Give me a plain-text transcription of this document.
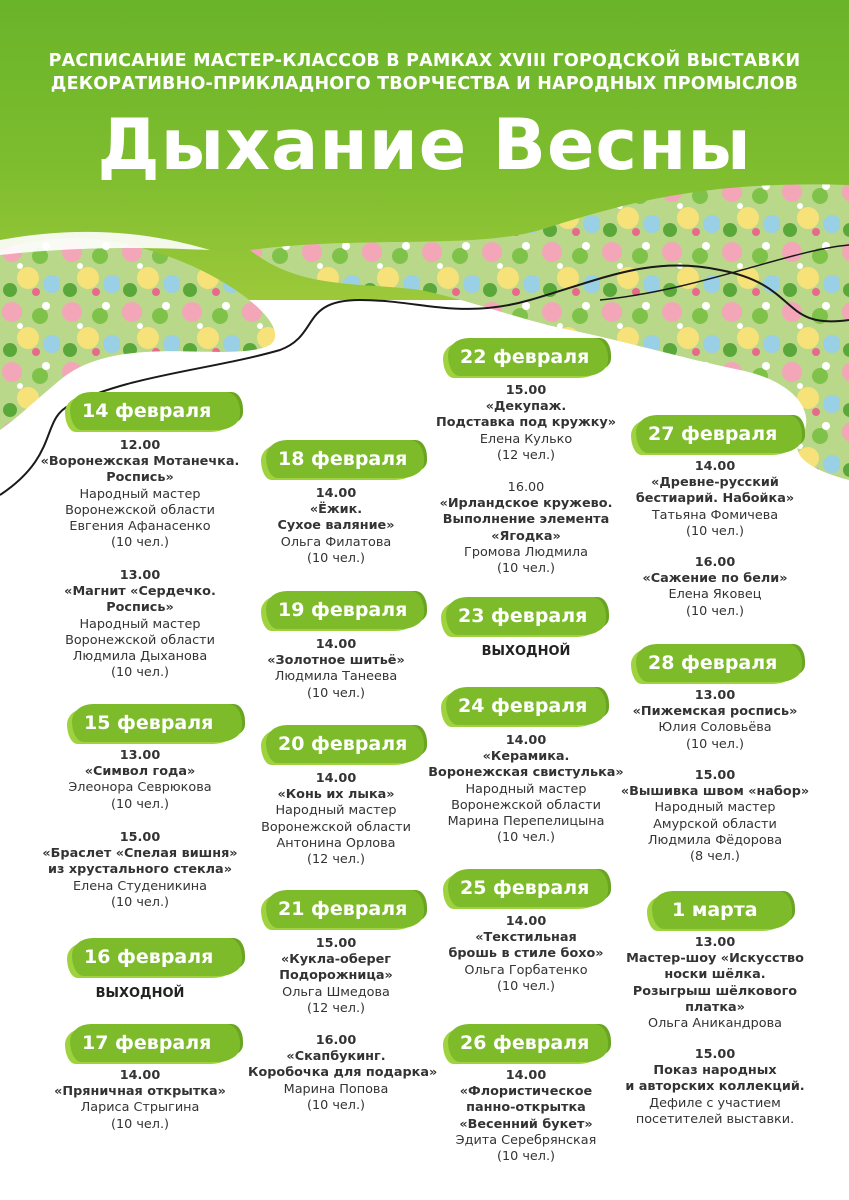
РАСПИСАНИЕ МАСТЕР-КЛАССОВ В РАМКАХ XVIII ГОРОДСКОЙ ВЫСТАВКИ
ДЕКОРАТИВНО-ПРИКЛАДНОГО ТВОРЧЕСТВА И НАРОДНЫХ ПРОМЫСЛОВ
Дыхание Весны
14 февраля
12.00
«Воронежская Мотанечка.
Роспись»
Народный мастер
Воронежской области
Евгения Афанасенко
(10 чел.)
13.00
«Магнит «Сердечко.
Роспись»
Народный мастер
Воронежской области
Людмила Дыханова
(10 чел.)
15 февраля
13.00
«Символ года»
Элеонора Севрюкова
(10 чел.)
15.00
«Браслет «Спелая вишня»
из хрустального стекла»
Елена Студеникина
(10 чел.)
16 февраля
ВЫХОДНОЙ
17 февраля
14.00
«Пряничная открытка»
Лариса Стрыгина
(10 чел.)
18 февраля
14.00
«Ёжик.
Сухое валяние»
Ольга Филатова
(10 чел.)
19 февраля
14.00
«Золотное шитьё»
Людмила Танеева
(10 чел.)
20 февраля
14.00
«Конь их лыка»
Народный мастер
Воронежской области
Антонина Орлова
(12 чел.)
21 февраля
15.00
«Кукла-оберег
Подорожница»
Ольга Шмедова
(12 чел.)
16.00
«Скапбукинг.
Коробочка для подарка»
Марина Попова
(10 чел.)
22 февраля
15.00
«Декупаж.
Подставка под кружку»
Елена Кулько
(12 чел.)
16.00
«Ирландское кружево.
Выполнение элемента
«Ягодка»
Громова Людмила
(10 чел.)
23 февраля
ВЫХОДНОЙ
24 февраля
14.00
«Керамика.
Воронежская свистулька»
Народный мастер
Воронежской области
Марина Перепелицына
(10 чел.)
25 февраля
14.00
«Текстильная
брошь в стиле бохо»
Ольга Горбатенко
(10 чел.)
26 февраля
14.00
«Флористическое
панно-открытка
«Весенний букет»
Эдита Серебрянская
(10 чел.)
27 февраля
14.00
«Древне-русский
бестиарий. Набойка»
Татьяна Фомичева
(10 чел.)
16.00
«Сажение по бели»
Елена Яковец
(10 чел.)
28 февраля
13.00
«Пижемская роспись»
Юлия Соловьёва
(10 чел.)
15.00
«Вышивка швом «набор»
Народный мастер
Амурской области
Людмила Фёдорова
(8 чел.)
1 марта
13.00
Мастер-шоу «Искусство
носки шёлка.
Розыгрыш шёлкового
платка»
Ольга Аникандрова
15.00
Показ народных
и авторских коллекций.
Дефиле с участием
посетителей выставки.
